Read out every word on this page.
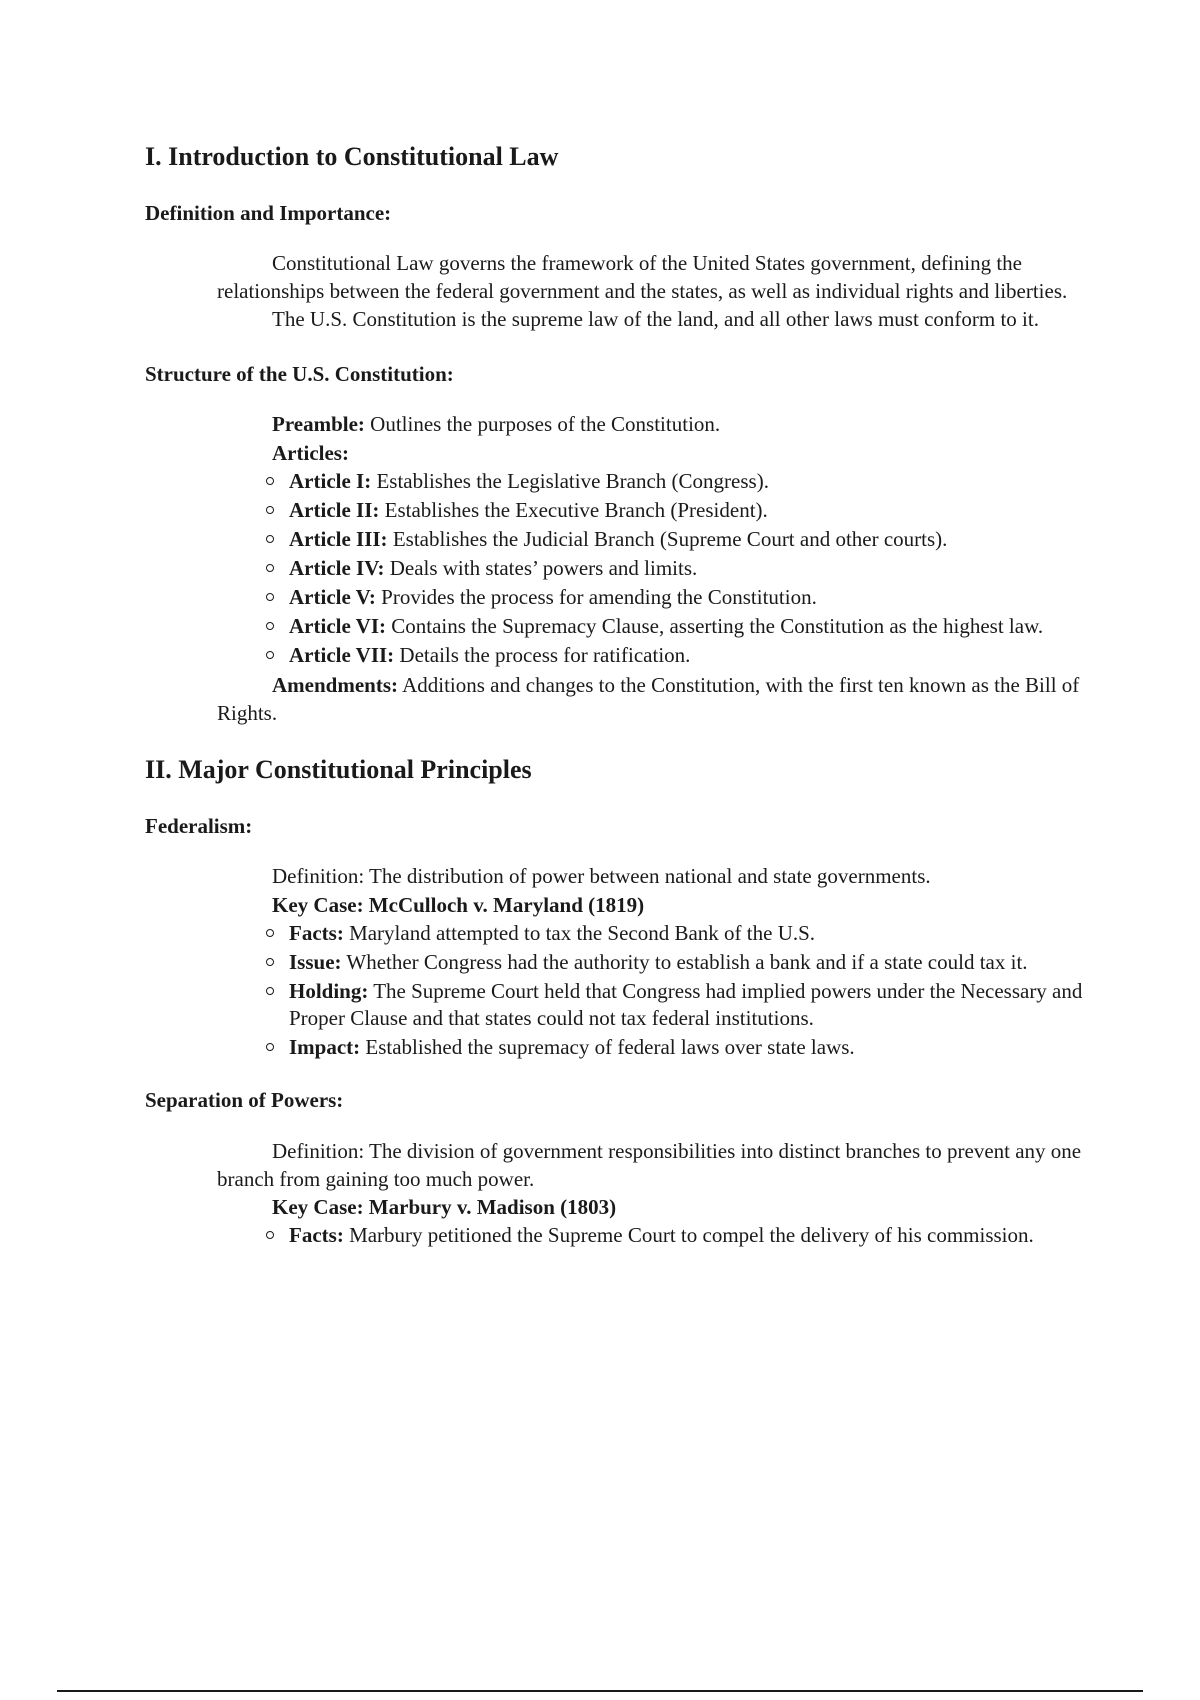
I. Introduction to Constitutional Law
Definition and Importance:

Constitutional Law governs the framework of the United States government, defining the relationships between the federal government and the states, as well as individual rights and liberties.

The U.S. Constitution is the supreme law of the land, and all other laws must conform to it.

Structure of the U.S. Constitution:

Preamble: Outlines the purposes of the Constitution.

Articles:

Article I: Establishes the Legislative Branch (Congress).
Article II: Establishes the Executive Branch (President).
Article III: Establishes the Judicial Branch (Supreme Court and other courts).
Article IV: Deals with states’ powers and limits.
Article V: Provides the process for amending the Constitution.
Article VI: Contains the Supremacy Clause, asserting the Constitution as the highest law.
Article VII: Details the process for ratification.

Amendments: Additions and changes to the Constitution, with the first ten known as the Bill of Rights.

II. Major Constitutional Principles
Federalism:

Definition: The distribution of power between national and state governments.

Key Case: McCulloch v. Maryland (1819)

Facts: Maryland attempted to tax the Second Bank of the U.S.
Issue: Whether Congress had the authority to establish a bank and if a state could tax it.
Holding: The Supreme Court held that Congress had implied powers under the Necessary and Proper Clause and that states could not tax federal institutions.
Impact: Established the supremacy of federal laws over state laws.
Separation of Powers:

Definition: The division of government responsibilities into distinct branches to prevent any one branch from gaining too much power.

Key Case: Marbury v. Madison (1803)

Facts: Marbury petitioned the Supreme Court to compel the delivery of his commission.
